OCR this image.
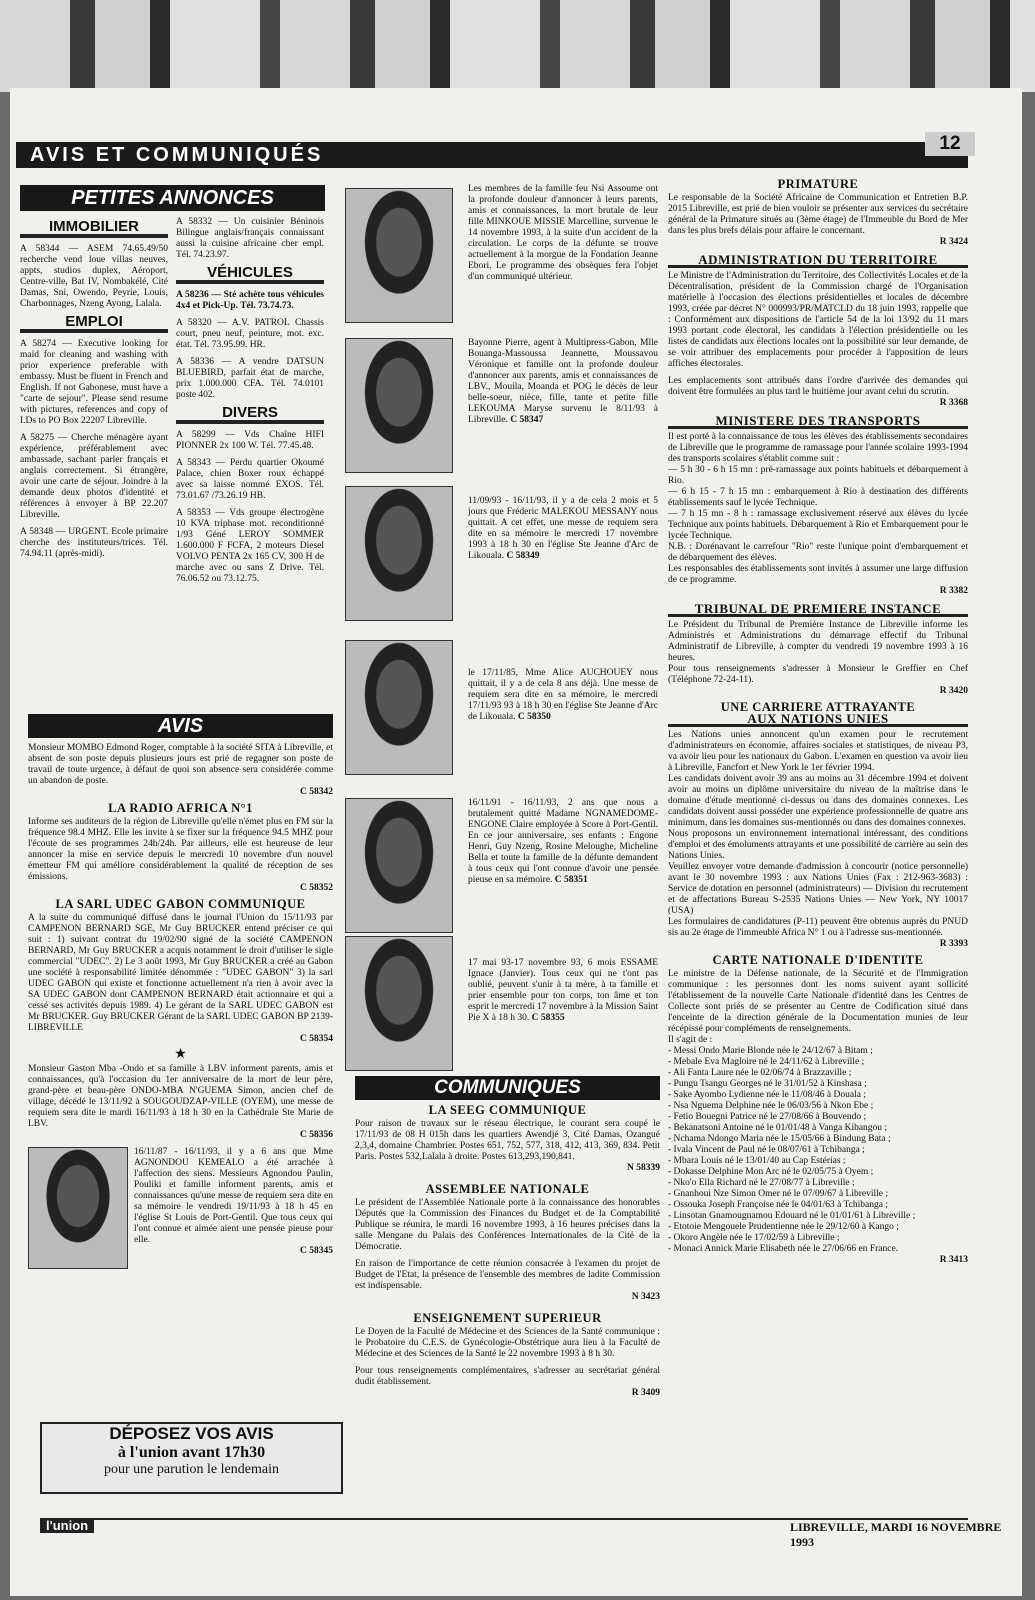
AVIS ET COMMUNIQUÉS
12
PETITES ANNONCES
IMMOBILIER
A 58344 — ASEM 74.65.49/50 recherche vend loue villas neuves, appts, studios duplex, Aéroport, Centre-ville, Bat IV, Nombakélé, Cité Damas, Sni, Owendo, Peyrie, Louis, Charbonnages, Nzeng Ayong, Lalala.
EMPLOI
A 58274 — Executive looking for maid for cleaning and washing with prior experience preferable with embassy. Must be fluent in French and English. If not Gabonese, must have a "carte de sejour". Please send resume with pictures, references and copy of I.Ds to PO Box 22207 Libreville.
A 58275 — Cherche ménagère ayant expérience, préférablement avec ambassade, sachant parler français et anglais correctement. Si étrangère, avoir une carte de séjour. Joindre à la demande deux photos d'identité et références à envoyer à BP 22.207 Libreville.
A 58348 — URGENT. Ecole primaire cherche des instituteurs/trices. Tél. 74.94.11 (après-midi).
A 58332 — Un cuisinier Béninois Bilingue anglais/français connaissant aussi la cuisine africaine cher empl. Tél. 74.23.97.
VÉHICULES
A 58236 — Sté achète tous véhicules 4x4 et Pick-Up. Tél. 73.74.73.
A 58320 — A.V. PATROL Chassis court, pneu neuf, peinture, mot. exc. état. Tél. 73.95.99. HR.
A 58336 — A vendre DATSUN BLUEBIRD, parfait état de marche, prix 1.000.000 CFA. Tél. 74.0101 poste 402.
DIVERS
A 58299 — Vds Chaîne HIFI PIONNER 2x 100 W. Tél. 77.45.48.
A 58343 — Perdu quartier Okoumé Palace, chien Boxer roux échappé avec sa laisse nommé EXOS. Tél. 73.01.67 /73.26.19 HB.
A 58353 — Vds groupe électrogène 10 KVA triphase mot. reconditionné 1/93 Géné LEROY SOMMER 1.600.000 F FCFA, 2 moteurs Diesel VOLVO PENTA 2x 165 CV, 300 H de marche avec ou sans Z Drive. Tél. 76.06.52 ou 73.12.75.
AVIS
Monsieur MOMBO Edmond Roger, comptable à la société SITA à Libreville, et absent de son poste depuis plusieurs jours est prié de regagner son poste de travail de toute urgence, à défaut de quoi son absence sera considérée comme un abandon de poste.
C 58342
LA RADIO AFRICA N°1
Informe ses auditeurs de la région de Libreville qu'elle n'émet plus en FM sur la fréquence 98.4 MHZ. Elle les invite à se fixer sur la fréquence 94.5 MHZ pour l'écoute de ses programmes 24h/24h. Par ailleurs, elle est heureuse de leur annoncer la mise en service depuis le mercredi 10 novembre d'un nouvel émetteur FM qui améliore considérablement la qualité de réception de ses émissions.
C 58352
LA SARL UDEC GABON COMMUNIQUE
A la suite du communiqué diffusé dans le journal l'Union du 15/11/93 par CAMPENON BERNARD SGE, Mr Guy BRUCKER entend préciser ce qui suit : 1) suivant contrat du 19/02/90 signé de la société CAMPENON BERNARD, Mr Guy BRUCKER a acquis notamment le droit d'utiliser le sigle commercial "UDEC". 2) Le 3 août 1993, Mr Guy BRUCKER a créé au Gabon une société à responsabilité limitée dénommée : "UDEC GABON" 3) la sarl UDEC GABON qui existe et fonctionne actuellement n'a rien à avoir avec la SA UDEC GABON dont CAMPENON BERNARD était actionnaire et qui a cessé ses activités depuis 1989. 4) Le gérant de la SARL UDEC GABON est Mr BRUCKER. Guy BRUCKER Gérant de la SARL UDEC GABON BP 2139- LIBREVILLE
C 58354
★
Monsieur Gaston Mba -Ondo et sa famille à LBV informent parents, amis et connaissances, qu'à l'occasion du 1er anniversaire de la mort de leur père, grand-père et beau-père ONDO-MBA N'GUEMA Simon, ancien chef de village, décédé le 13/11/92 à SOUGOUDZAP-VILLE (OYEM), une messe de requiem sera dite le mardi 16/11/93 à 18 h 30 en la Cathédrale Ste Marie de LBV.
C 58356
16/11/87 - 16/11/93, il y a 6 ans que Mme AGNONDOU KEMEALO a été arrachée à l'affection des siens. Messieurs Agnondou Paulin, Pouliki et famille informent parents, amis et connaissances qu'une messe de requiem sera dite en sa mémoire le vendredi 19/11/93 à 18 h 45 en l'église St Louis de Port-Gentil. Que tous ceux qui l'ont connue et aimée aient une pensée pieuse pour elle.
C 58345
DÉPOSEZ VOS AVIS
à l'union avant 17h30
pour une parution le lendemain
Les membres de la famille feu Nsi Assoume ont la profonde douleur d'annoncer à leurs parents, amis et connaissances, la mort brutale de leur fille MINKOUE MISSIE Marcelline, survenue le 14 novembre 1993, à la suite d'un accident de la circulation. Le corps de la défunte se trouve actuellement à la morgue de la Fondation Jeanne Ebori. Le programme des obsèques fera l'objet d'un communiqué ultérieur.
Bayonne Pierre, agent à Multipress-Gabon, Mlle Bouanga-Massoussa Jeannette, Moussavou Véronique et famille ont la profonde douleur d'annoncer aux parents, amis et connaissances de LBV., Mouila, Moanda et POG le décès de leur belle-soeur, nièce, fille, tante et petite fille LEKOUMA Maryse survenu le 8/11/93 à Libreville. C 58347
11/09/93 - 16/11/93, il y a de cela 2 mois et 5 jours que Fréderic MALEKOU MESSANY nous quittait. A cet effet, une messe de requiem sera dite en sa mémoire le mercredi 17 novembre 1993 à 18 h 30 en l'église Ste Jeanne d'Arc de Likouala. C 58349
le 17/11/85, Mme Alice AUCHOUEY nous quittait, il y a de cela 8 ans déjà. Une messe de requiem sera dite en sa mémoire, le mercredi 17/11/93 93 à 18 h 30 en l'église Ste Jeanne d'Arc de Likouala. C 58350
16/11/91 - 16/11/93, 2 ans que nous a brutalement quitté Madame NGNAMEDOME-ENGONE Claire employée à Score à Port-Gentil. En ce jour anniversaire, ses enfants : Engone Henri, Guy Nzeng, Rosine Meloughe, Micheline Bella et toute la famille de la défunte demandent à tous ceux qui l'ont connue d'avoir une pensée pieuse en sa mémoire. C 58351
17 mai 93-17 novembre 93, 6 mois ESSAME Ignace (Janvier). Tous ceux qui ne t'ont pas oublié, peuvent s'unir à ta mère, à ta famille et prier ensemble pour ton corps, ton âme et ton esprit le mercredi 17 novembre à la Mission Saint Pie X à 18 h 30. C 58355
COMMUNIQUES
LA SEEG COMMUNIQUE
Pour raison de travaux sur le réseau électrique, le courant sera coupé le 17/11/93 de 08 H 015h dans les quartiers Awendjé 3, Cité Damas, Ozangué 2,3,4, domaine Chambrier. Postes 651, 752, 577, 318, 412, 413, 369, 834. Petit Paris. Postes 532,Lalala à droite. Postes 613,293,190,841.
N 58339
ASSEMBLEE NATIONALE
Le président de l'Assemblée Nationale porte à la connaissance des honorables Députés que la Commission des Finances du Budget et de la Comptabilité Publique se réunira, le mardi 16 novembre 1993, à 16 heures précises dans la salle Mengane du Palais des Conférences Internationales de la Cité de la Démocratie.
En raison de l'importance de cette réunion consacrée à l'examen du projet de Budget de l'Etat, la présence de l'ensemble des membres de ladite Commission est indispensable.
N 3423
ENSEIGNEMENT SUPERIEUR
Le Doyen de la Faculté de Médecine et des Sciences de la Santé communique : le Probatoire du C.E.S. de Gynécologie-Obstétrique aura lieu à la Faculté de Médecine et des Sciences de la Santé le 22 novembre 1993 à 8 h 30.
Pour tous renseignements complémentaires, s'adresser au secrétariat général dudit établissement.
R 3409
PRIMATURE
Le responsable de la Société Africaine de Communication et Entretien B.P. 2015 Libreville, est prié de bien vouloir se présenter aux services du secrétaire général de la Primature situés au (3ème étage) de l'Immeuble du Bord de Mer dans les plus brefs délais pour affaire le concernant.
R 3424
ADMINISTRATION DU TERRITOIRE
Le Ministre de l'Administration du Territoire, des Collectivités Locales et de la Décentralisation, président de la Commission chargé de l'Organisation matérielle à l'occasion des élections présidentielles et locales de décembre 1993, créée par décret N° 000993/PR/MATCLD du 18 juin 1993, rappelle que : Conformément aux dispositions de l'article 54 de la loi 13/92 du 11 mars 1993 portant code électoral, les candidats à l'élection présidentielle ou les listes de candidats aux élections locales ont la possibilité sur leur demande, de se voir attribuer des emplacements pour procéder à l'apposition de leurs affiches électorales.
Les emplacements sont attribués dans l'ordre d'arrivée des demandes qui doivent être formulées au plus tard le huitième jour avant celui du scrutin.
R 3368
MINISTERE DES TRANSPORTS
Il est porté à la connaissance de tous les élèves des établissements secondaires de Libreville que le programme de ramassage pour l'année scolaire 1993-1994 des transports scolaires s'établit comme suit :
— 5 h 30 - 6 h 15 mn : pré-ramassage aux points habituels et débarquement à Rio.
— 6 h 15 - 7 h 15 mn : embarquement à Rio à destination des différents établissements sauf le lycée Technique.
— 7 h 15 mn - 8 h : ramassage exclusivement réservé aux élèves du lycée Technique aux points habituels. Débarquement à Rio et Embarquement pour le lycée Technique.
N.B. : Dorénavant le carrefour "Rio" reste l'unique point d'embarquement et de débarquement des élèves.
Les responsables des établissements sont invités à assumer une large diffusion de ce programme.
R 3382
TRIBUNAL DE PREMIERE INSTANCE
Le Président du Tribunal de Première Instance de Libreville informe les Administrés et Administrations du démarrage effectif du Tribunal Administratif de Libreville, à compter du vendredi 19 novembre 1993 à 16 heures.
Pour tous renseignements s'adresser à Monsieur le Greffier en Chef (Téléphone 72-24-11).
R 3420
UNE CARRIERE ATTRAYANTE
AUX NATIONS UNIES
Les Nations unies annoncent qu'un examen pour le recrutement d'administrateurs en économie, affaires sociales et statistiques, de niveau P3, va avoir lieu pour les nationaux du Gabon. L'examen en question va avoir lieu à Libreville, Fancfort et New York le 1er février 1994.
Les candidats doivent avoir 39 ans au moins au 31 décembre 1994 et doivent avoir au moins un diplôme universitaire du niveau de la maîtrise dans le domaine d'étude mentionné ci-dessus ou dans des domaines connexes. Les candidats doivent aussi posséder une expérience professionnelle de quatre ans minimum, dans les domaines sus-mentionnés ou dans des domaines connexes.
Nous proposons un environnement international intéressant, des conditions d'emploi et des émoluments attrayants et une possibilité de carrière au sein des Nations Unies.
Veuillez envoyer votre demande d'admission à concourir (notice personnelle) avant le 30 novembre 1993 : aux Nations Unies (Fax : 212-963-3683) : Service de dotation en personnel (administrateurs) — Division du recrutement et de affectations Bureau S-2535 Nations Unies — New York, NY 10017 (USA)
Les formulaires de candidatures (P-11) peuvent être obtenus auprès du PNUD sis au 2e étage de l'immeuble Africa N° 1 ou à l'adresse sus-mentionnée.
R 3393
CARTE NATIONALE D'IDENTITE
Le ministre de la Défense nationale, de la Sécurité et de l'Immigration communique : les personnes dont les noms suivent ayant sollicité l'établissement de la nouvelle Carte Nationale d'identité dans les Centres de Collecte sont priés de se présenter au Centre de Codification situé dans l'enceinte de la direction générale de la Documentation munies de leur récépissé pour compléments de renseignements.
Il s'agit de :
- Messi Ondo Marie Blonde née le 24/12/67 à Bitam ;
- Mebale Eva Magloire né le 24/11/62 à Libreville ;
- Ali Fanta Laure née le 02/06/74 à Brazzaville ;
- Pungu Tsangu Georges né le 31/01/52 à Kinshasa ;
- Sake Ayombo Lydienne née le 11/08/46 à Douala ;
- Nsa Nguema Delphine née le 06/03/56 à Nkon Ebe ;
- Fetio Bouegni Patrice né le 27/08/66 à Bouvendo ;
- Bekanatsoni Antoine né le 01/01/48 à Vanga Kibangou ;
- Nchama Ndongo Maria née le 15/05/66 à Bindung Bata ;
- Ivala Vincent de Paul né le 08/07/61 à Tchibanga ;
- Mbara Louis né le 13/01/40 au Cap Estérias ;
- Dokasse Delphine Mon Arc né le 02/05/75 à Oyem ;
- Nko'o Ella Richard né le 27/08/77 à Libreville ;
- Gnanhoui Nze Simon Omer né le 07/09/67 à Libreville ;
- Ossouka Joseph Françoise née le 04/01/63 à Tchibanga ;
- Linsotan Gnamougnamou Edouard né le 01/01/61 à Libreville ;
- Etotoie Mengouele Prudentienne née le 29/12/60 à Kango ;
- Okoro Angèle née le 17/02/59 à Libreville ;
- Monaci Annick Marie Elisabeth née le 27/06/66 en France.
R 3413
l'union	LIBREVILLE, MARDI 16 NOVEMBRE 1993
